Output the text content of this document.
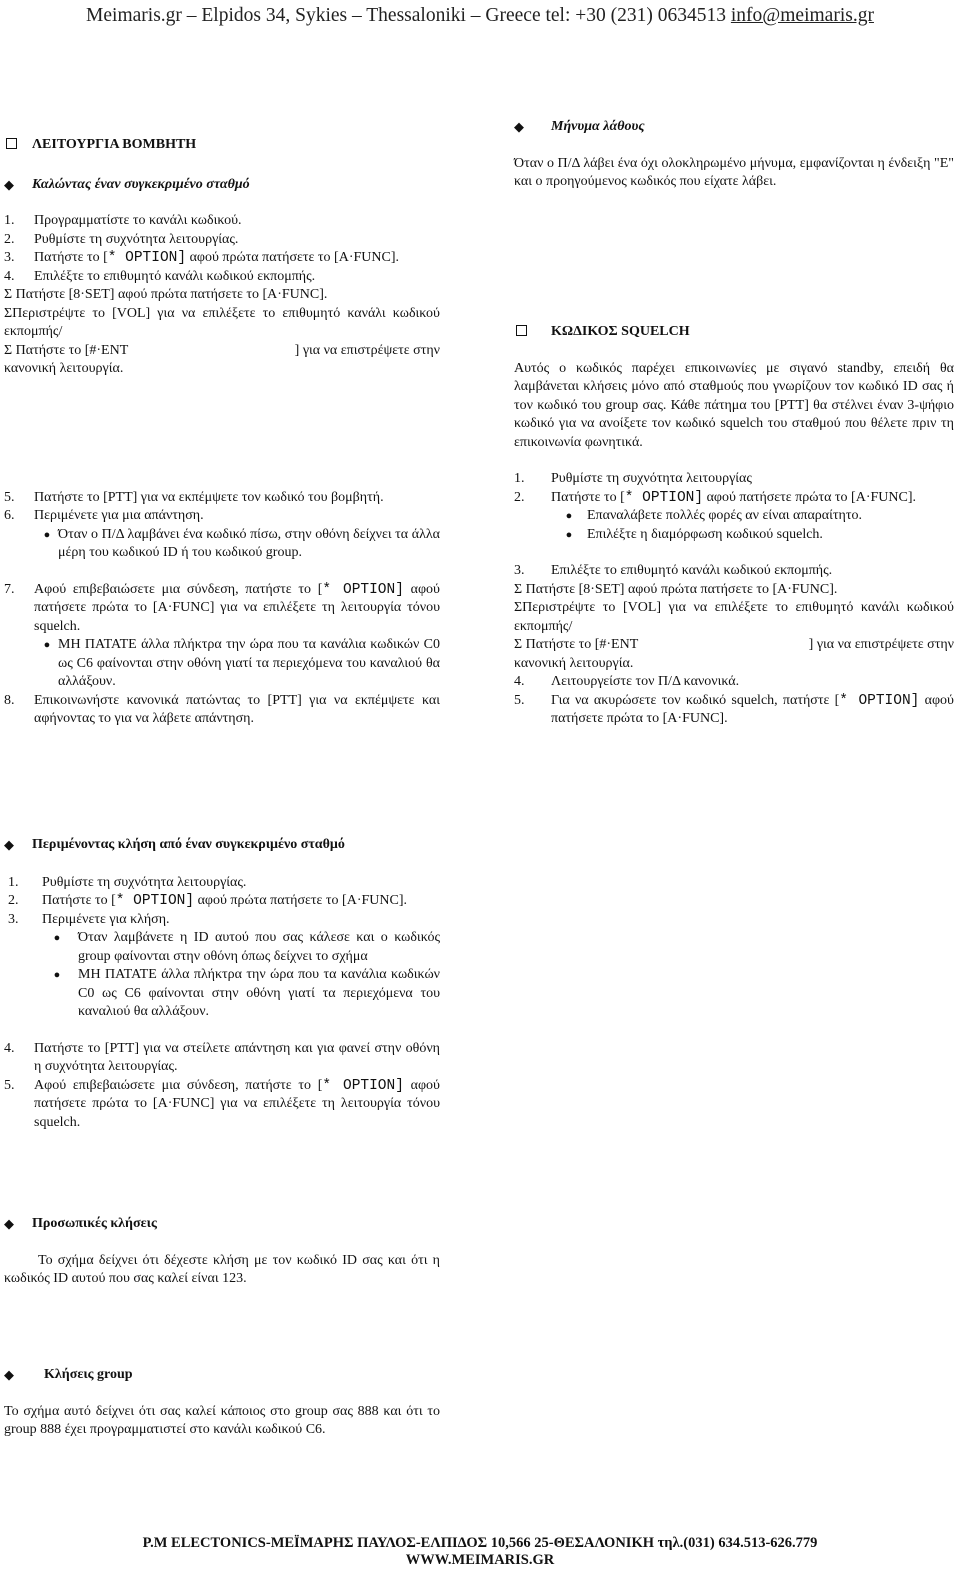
Meimaris.gr – Elpidos 34, Sykies – Thessaloniki – Greece tel: +30 (231) 0634513 info@meimaris.gr
ΛΕΙΤΟΥΡΓΙΑ ΒΟΜΒΗΤΗ
◆	Καλώντας έναν συγκεκριμένο σταθμό
1.	Προγραμματίστε το κανάλι κωδικού.
2.	Ρυθμίστε τη συχνότητα λειτουργίας.
3.	Πατήστε το [* OPTION] αφού πρώτα πατήσετε το [A·FUNC].
4.	Επιλέξτε το επιθυμητό κανάλι κωδικού εκπομπής.
Σ Πατήστε [8·SET] αφού πρώτα πατήσετε το [A·FUNC].
ΣΠεριστρέψτε το [VOL] για να επιλέξετε το επιθυμητό κανάλι κωδικού εκπομπής/
Σ Πατήστε το [#·ENT	] για να επιστρέψετε στην
κανονική λειτουργία.
5.	Πατήστε το [PTT] για να εκπέμψετε τον κωδικό του βομβητή.
6.	Περιμένετε για μια απάντηση.
● Όταν ο Π/Δ λαμβάνει ένα κωδικό πίσω, στην οθόνη δείχνει τα άλλα μέρη του κωδικού ID ή του κωδικού group.
7.	Αφού επιβεβαιώσετε μια σύνδεση, πατήστε το [* OPTION] αφού πατήσετε πρώτα το [A·FUNC] για να επιλέξετε τη λειτουργία τόνου squelch.
● ΜΗ ΠΑΤΑΤΕ άλλα πλήκτρα την ώρα που τα κανάλια κωδικών C0 ως C6 φαίνονται στην οθόνη γιατί τα περιεχόμενα του καναλιού θα αλλάξουν.
8.	Επικοινωνήστε κανονικά πατώντας το [PTT] για να εκπέμψετε και αφήνοντας το για να λάβετε απάντηση.
◆	Περιμένοντας κλήση από έναν συγκεκριμένο σταθμό
1.	Ρυθμίστε τη συχνότητα λειτουργίας.
2.	Πατήστε το [* OPTION] αφού πρώτα πατήσετε το [A·FUNC].
3.	Περιμένετε για κλήση.
●	Όταν λαμβάνετε η ID αυτού που σας κάλεσε και ο κωδικός group φαίνονται στην οθόνη όπως δείχνει το σχήμα
●	ΜΗ ΠΑΤΑΤΕ άλλα πλήκτρα την ώρα που τα κανάλια κωδικών C0 ως C6 φαίνονται στην οθόνη γιατί τα περιεχόμενα του καναλιού θα αλλάξουν.
4.	Πατήστε το [PTT] για να στείλετε απάντηση και για φανεί στην οθόνη η συχνότητα λειτουργίας.
5.	Αφού επιβεβαιώσετε μια σύνδεση, πατήστε το [* OPTION] αφού πατήσετε πρώτα το [A·FUNC] για να επιλέξετε τη λειτουργία τόνου squelch.
◆	Προσωπικές κλήσεις
Το σχήμα δείχνει ότι δέχεστε κλήση με τον κωδικό ID σας και ότι η κωδικός ID αυτού που σας καλεί είναι 123.
◆	Κλήσεις group
Το σχήμα αυτό δείχνει ότι σας καλεί κάποιος στο group σας 888 και ότι το group 888 έχει προγραμματιστεί στο κανάλι κωδικού C6.
◆	Μήνυμα λάθους
Όταν ο Π/Δ λάβει ένα όχι ολοκληρωμένο μήνυμα, εμφανίζονται η ένδειξη "E" και ο προηγούμενος κωδικός που είχατε λάβει.
ΚΩΔΙΚΟΣ SQUELCH
Αυτός ο κωδικός παρέχει επικοινωνίες με σιγανό standby, επειδή θα λαμβάνεται κλήσεις μόνο από σταθμούς που γνωρίζουν τον κωδικό ID σας ή τον κωδικό του group σας. Κάθε πάτημα του [PTT] θα στέλνει έναν 3-ψήφιο κωδικό για να ανοίξετε τον κωδικό squelch του σταθμού που θέλετε πριν τη επικοινωνία φωνητικά.
1.	Ρυθμίστε τη συχνότητα λειτουργίας
2.	Πατήστε το [* OPTION] αφού πατήσετε πρώτα το [A·FUNC].
●	Επαναλάβετε πολλές φορές αν είναι απαραίτητο.
●	Επιλέξτε η διαμόρφωση κωδικού squelch.
3.	Επιλέξτε το επιθυμητό κανάλι κωδικού εκπομπής.
Σ Πατήστε [8·SET] αφού πρώτα πατήσετε το [A·FUNC].
ΣΠεριστρέψτε το [VOL] για να επιλέξετε το επιθυμητό κανάλι κωδικού εκπομπής/
Σ Πατήστε το [#·ENT	] για να επιστρέψετε στην
κανονική λειτουργία.
4.	Λειτουργείστε τον Π/Δ κανονικά.
5.	Για να ακυρώσετε τον κωδικό squelch, πατήστε [* OPTION] αφού πατήσετε πρώτα το [A·FUNC].
P.M ELECTONICS-ΜΕΪΜΑΡΗΣ ΠΑΥΛΟΣ-ΕΛΠΙΔΟΣ 10,566 25-ΘΕΣΑΛΟΝΙΚΗ τηλ.(031) 634.513-626.779
WWW.MEIMARIS.GR
